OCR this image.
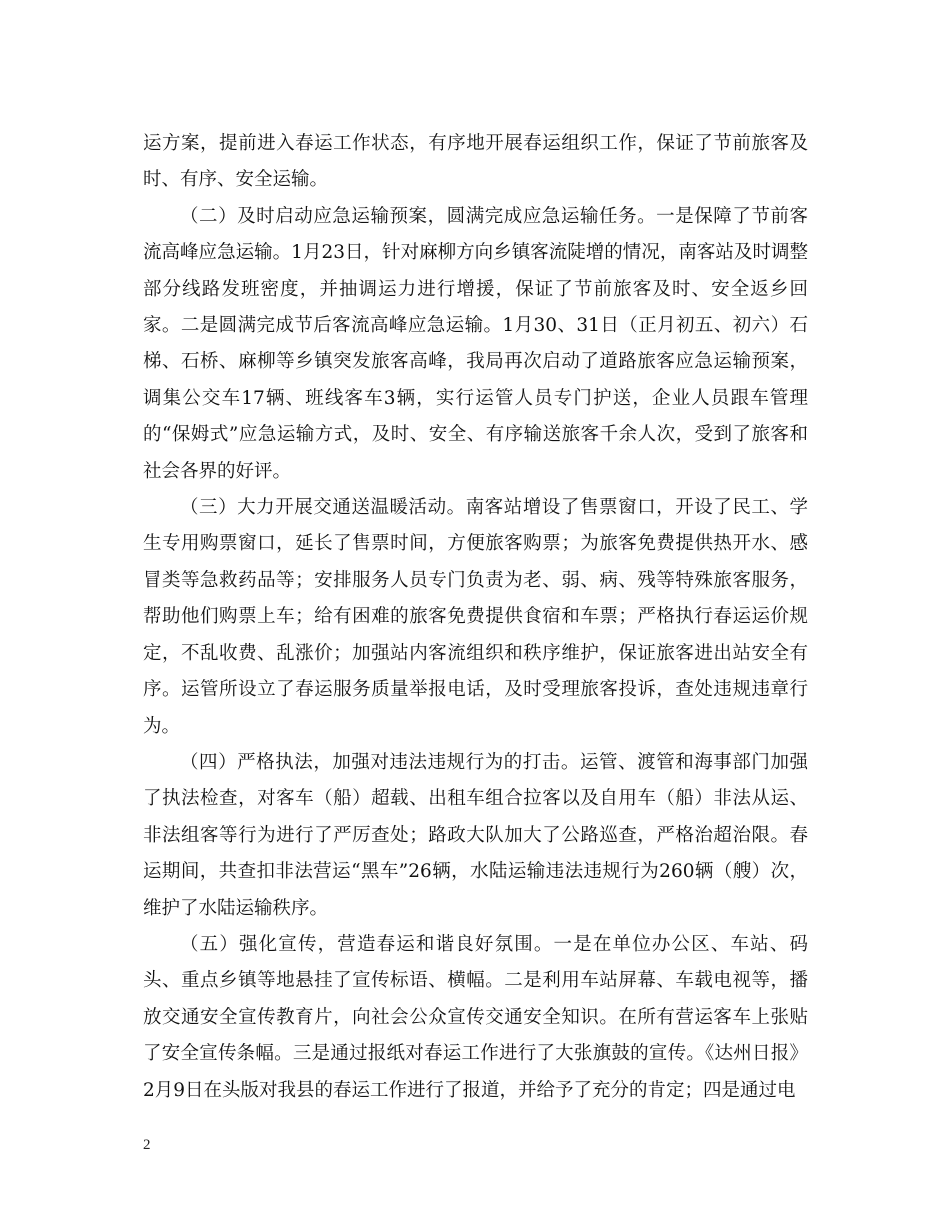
运方案，提前进入春运工作状态，有序地开展春运组织工作，保证了节前旅客及时、有序、安全运输。

（二）及时启动应急运输预案，圆满完成应急运输任务。一是保障了节前客流高峰应急运输。1月23日，针对麻柳方向乡镇客流陡增的情况，南客站及时调整部分线路发班密度，并抽调运力进行增援，保证了节前旅客及时、安全返乡回家。二是圆满完成节后客流高峰应急运输。1月30、31日（正月初五、初六）石梯、石桥、麻柳等乡镇突发旅客高峰，我局再次启动了道路旅客应急运输预案，调集公交车17辆、班线客车3辆，实行运管人员专门护送，企业人员跟车管理的“保姆式”应急运输方式，及时、安全、有序输送旅客千余人次，受到了旅客和社会各界的好评。

（三）大力开展交通送温暖活动。南客站增设了售票窗口，开设了民工、学生专用购票窗口，延长了售票时间，方便旅客购票；为旅客免费提供热开水、感冒类等急救药品等；安排服务人员专门负责为老、弱、病、残等特殊旅客服务，帮助他们购票上车；给有困难的旅客免费提供食宿和车票；严格执行春运运价规定，不乱收费、乱涨价；加强站内客流组织和秩序维护，保证旅客进出站安全有序。运管所设立了春运服务质量举报电话，及时受理旅客投诉，查处违规违章行为。

（四）严格执法，加强对违法违规行为的打击。运管、渡管和海事部门加强了执法检查，对客车（船）超载、出租车组合拉客以及自用车（船）非法从运、非法组客等行为进行了严厉查处；路政大队加大了公路巡查，严格治超治限。春运期间，共查扣非法营运“黑车”26辆，水陆运输违法违规行为260辆（艘）次，维护了水陆运输秩序。

（五）强化宣传，营造春运和谐良好氛围。一是在单位办公区、车站、码头、重点乡镇等地悬挂了宣传标语、横幅。二是利用车站屏幕、车载电视等，播放交通安全宣传教育片，向社会公众宣传交通安全知识。在所有营运客车上张贴了安全宣传条幅。三是通过报纸对春运工作进行了大张旗鼓的宣传。《达州日报》2月9日在头版对我县的春运工作进行了报道，并给予了充分的肯定；四是通过电

2
